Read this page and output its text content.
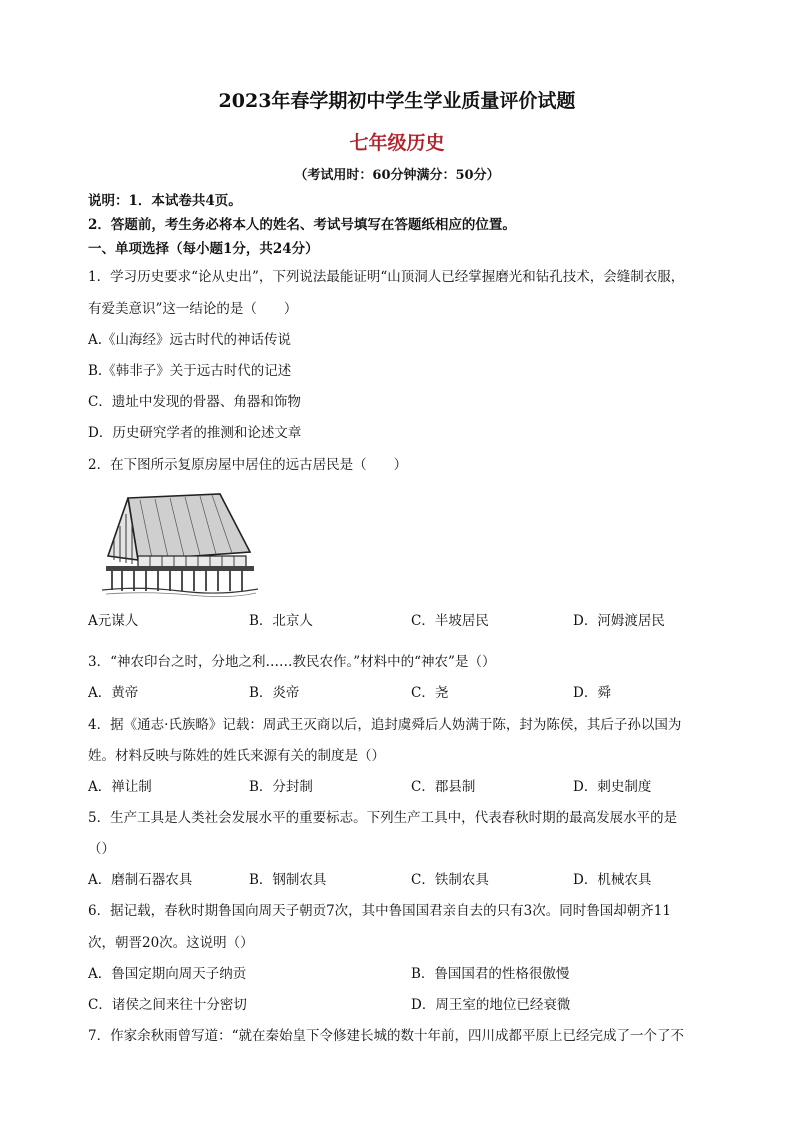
2023年春学期初中学生学业质量评价试题
七年级历史
（考试用时：60分钟满分：50分）
说明：1．本试卷共4页。
2．答题前，考生务必将本人的姓名、考试号填写在答题纸相应的位置。
一、单项选择（每小题1分，共24分）
1．学习历史要求“论从史出”，下列说法最能证明“山顶洞人已经掌握磨光和钻孔技术，会缝制衣服，
有爱美意识”这一结论的是（　　）
A.《山海经》远古时代的神话传说
B.《韩非子》关于远古时代的记述
C．遗址中发现的骨器、角器和饰物
D．历史研究学者的推测和论述文章
2．在下图所示复原房屋中居住的远古居民是（　　）
A元谋人	B．北京人	C．半坡居民	D．河姆渡居民
3．“神农印台之时，分地之利……教民农作。”材料中的“神农”是（）
A．黄帝	B．炎帝	C．尧	D．舜
4．据《通志·氏族略》记载：周武王灭商以后，追封虞舜后人妫满于陈，封为陈侯，其后子孙以国为
姓。材料反映与陈姓的姓氏来源有关的制度是（）
A．禅让制	B．分封制	C．郡县制	D．刺史制度
5．生产工具是人类社会发展水平的重要标志。下列生产工具中，代表春秋时期的最高发展水平的是
（）
A．磨制石器农具	B．钢制农具	C．铁制农具	D．机械农具
6．据记载，春秋时期鲁国向周天子朝贡7次，其中鲁国国君亲自去的只有3次。同时鲁国却朝齐11
次，朝晋20次。这说明（）
A．鲁国定期向周天子纳贡	B．鲁国国君的性格很傲慢
C．诸侯之间来往十分密切	D．周王室的地位已经衰微
7．作家余秋雨曾写道：“就在秦始皇下令修建长城的数十年前，四川成都平原上已经完成了一个了不
